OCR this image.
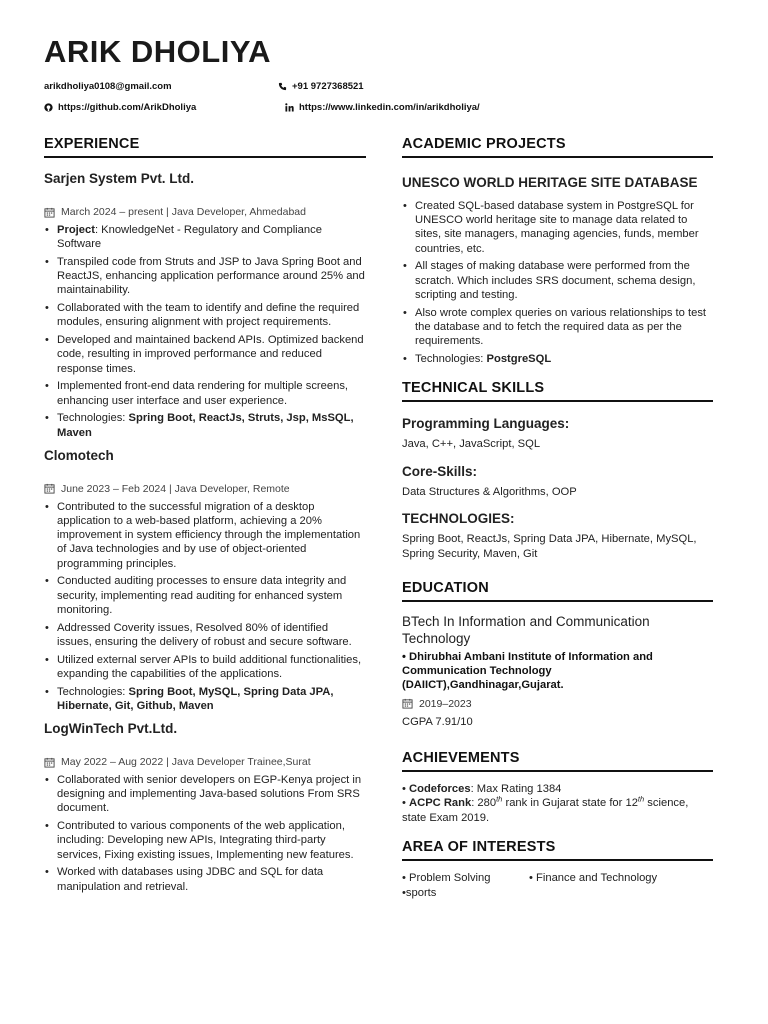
ARIK DHOLIYA
arikdholiya0108@gmail.com	+91 9727368521
https://github.com/ArikDholiya	https://www.linkedin.com/in/arikdholiya/
EXPERIENCE
Sarjen System Pvt. Ltd.
March 2024 – present | Java Developer, Ahmedabad
• Project: KnowledgeNet - Regulatory and Compliance Software
• Transpiled code from Struts and JSP to Java Spring Boot and ReactJS, enhancing application performance around 25% and maintainability.
• Collaborated with the team to identify and define the required modules, ensuring alignment with project requirements.
• Developed and maintained backend APIs. Optimized backend code, resulting in improved performance and reduced response times.
• Implemented front-end data rendering for multiple screens, enhancing user interface and user experience.
• Technologies: Spring Boot, ReactJs, Struts, Jsp, MsSQL, Maven
Clomotech
June 2023 – Feb 2024 | Java Developer, Remote
• Contributed to the successful migration of a desktop application to a web-based platform, achieving a 20% improvement in system efficiency through the implementation of Java technologies and by use of object-oriented programming principles.
• Conducted auditing processes to ensure data integrity and security, implementing read auditing for enhanced system monitoring.
• Addressed Coverity issues, Resolved 80% of identified issues, ensuring the delivery of robust and secure software.
• Utilized external server APIs to build additional functionalities, expanding the capabilities of the applications.
• Technologies: Spring Boot, MySQL, Spring Data JPA, Hibernate, Git, Github, Maven
LogWinTech Pvt.Ltd.
May 2022 – Aug 2022 | Java Developer Trainee,Surat
• Collaborated with senior developers on EGP-Kenya project in designing and implementing Java-based solutions From SRS document.
• Contributed to various components of the web application, including: Developing new APIs, Integrating third-party services, Fixing existing issues, Implementing new features.
• Worked with databases using JDBC and SQL for data manipulation and retrieval.
ACADEMIC PROJECTS
UNESCO WORLD HERITAGE SITE DATABASE
• Created SQL-based database system in PostgreSQL for UNESCO world heritage site to manage data related to sites, site managers, managing agencies, funds, member countries, etc.
• All stages of making database were performed from the scratch. Which includes SRS document, schema design, scripting and testing.
• Also wrote complex queries on various relationships to test the database and to fetch the required data as per the requirements.
• Technologies: PostgreSQL
TECHNICAL SKILLS
Programming Languages:
Java, C++, JavaScript, SQL
Core-Skills:
Data Structures & Algorithms, OOP
TECHNOLOGIES:
Spring Boot, ReactJs, Spring Data JPA, Hibernate, MySQL, Spring Security, Maven, Git
EDUCATION
BTech In Information and Communication Technology
• Dhirubhai Ambani Institute of Information and Communication Technology (DAIICT),Gandhinagar,Gujarat.
2019–2023
CGPA 7.91/10
ACHIEVEMENTS
• Codeforces: Max Rating 1384
• ACPC Rank: 280th rank in Gujarat state for 12th science, state Exam 2019.
AREA OF INTERESTS
• Problem Solving	• Finance and Technology
•sports
